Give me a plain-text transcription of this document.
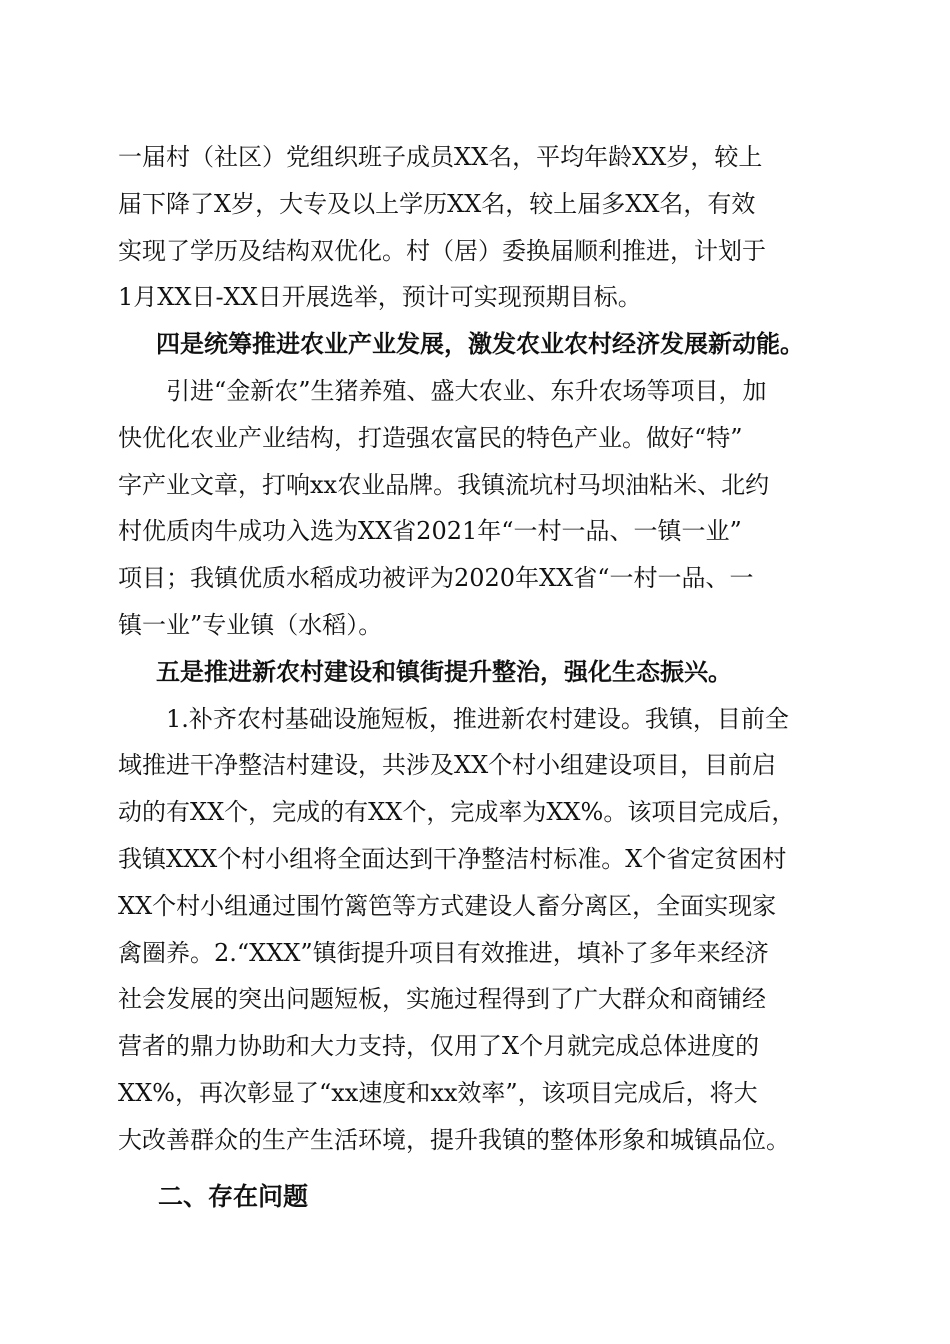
一届村（社区）党组织班子成员XX名，平均年龄XX岁，较上
届下降了X岁，大专及以上学历XX名，较上届多XX名，有效
实现了学历及结构双优化。村（居）委换届顺利推进，计划于
1月XX日-XX日开展选举，预计可实现预期目标。
四是统筹推进农业产业发展，激发农业农村经济发展新动能。
引进“金新农”生猪养殖、盛大农业、东升农场等项目，加
快优化农业产业结构，打造强农富民的特色产业。做好“特”
字产业文章，打响xx农业品牌。我镇流坑村马坝油粘米、北约
村优质肉牛成功入选为XX省2021年“一村一品、一镇一业”
项目；我镇优质水稻成功被评为2020年XX省“一村一品、一
镇一业”专业镇（水稻）。
五是推进新农村建设和镇街提升整治，强化生态振兴。
1.补齐农村基础设施短板，推进新农村建设。我镇，目前全
域推进干净整洁村建设，共涉及XX个村小组建设项目，目前启
动的有XX个，完成的有XX个，完成率为XX%。该项目完成后，
我镇XXX个村小组将全面达到干净整洁村标准。X个省定贫困村
XX个村小组通过围竹篱笆等方式建设人畜分离区，全面实现家
禽圈养。2.“XXX”镇街提升项目有效推进，填补了多年来经济
社会发展的突出问题短板，实施过程得到了广大群众和商铺经
营者的鼎力协助和大力支持，仅用了X个月就完成总体进度的
XX%，再次彰显了“xx速度和xx效率”，该项目完成后，将大
大改善群众的生产生活环境，提升我镇的整体形象和城镇品位。
二、存在问题
